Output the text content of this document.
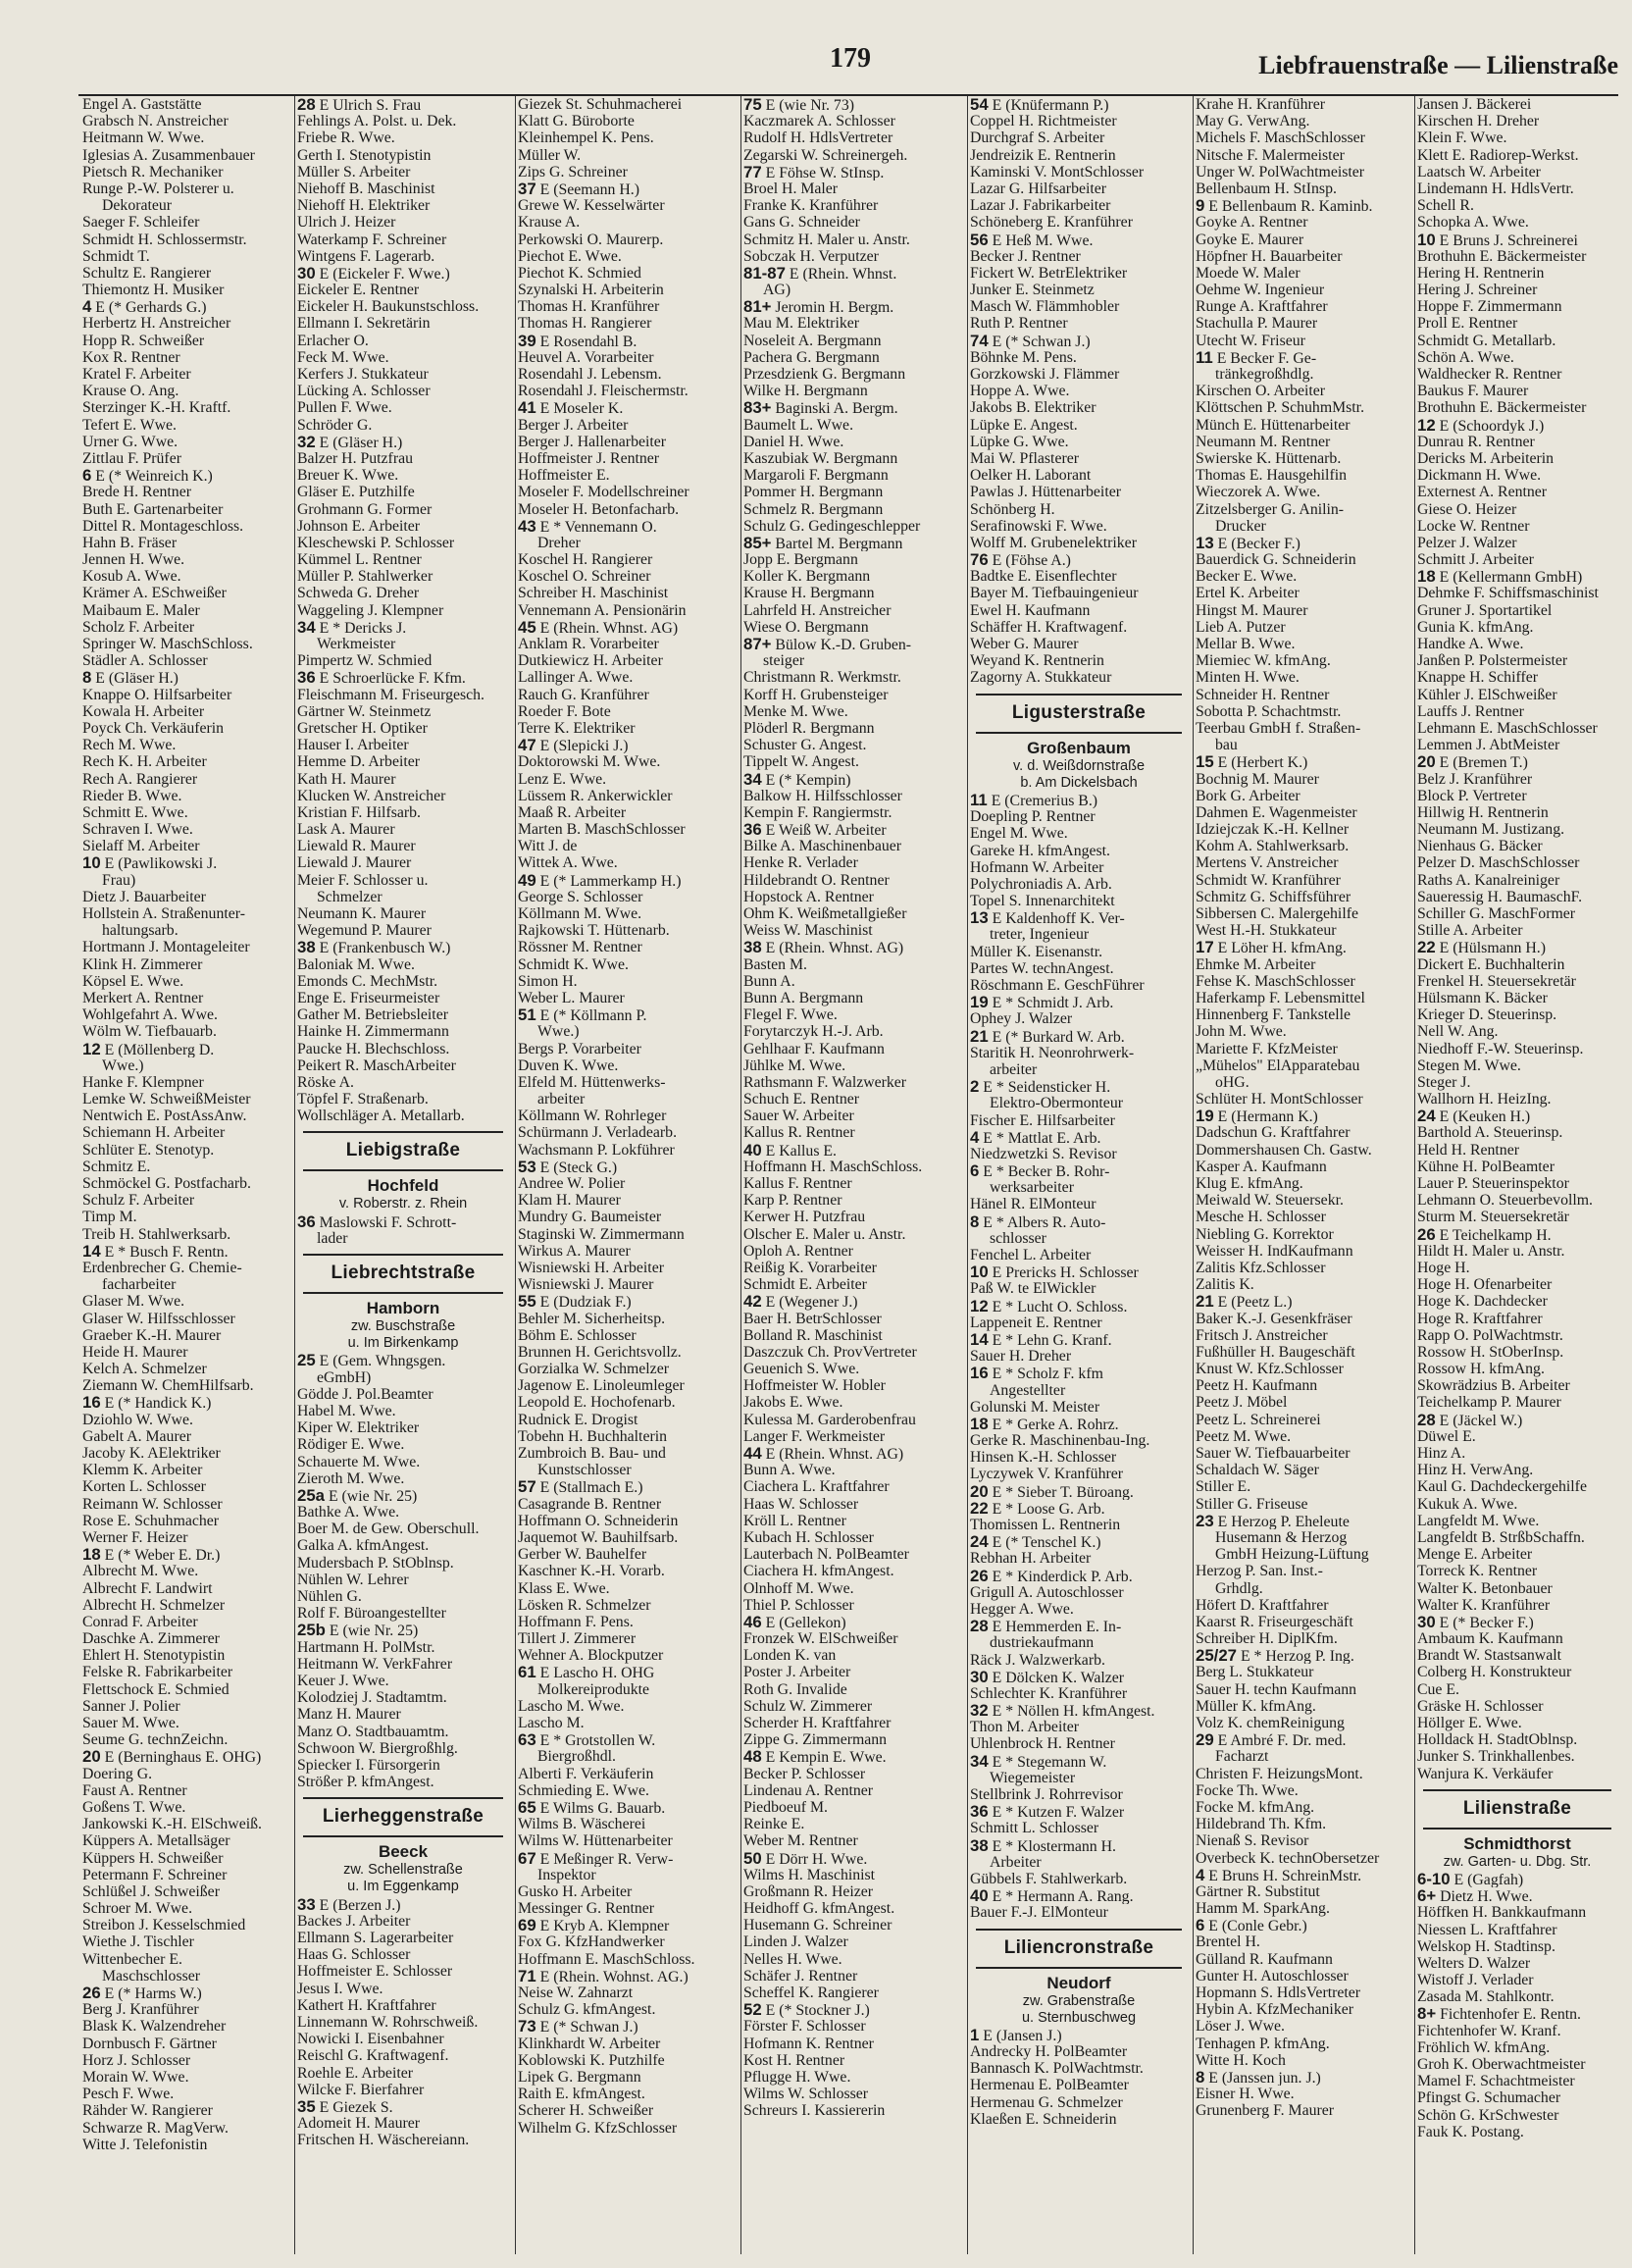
179	Liebfrauenstraße — Lilienstraße
Engel A. Gaststätte
Grabsch N. Anstreicher
Heitmann W. Wwe.
Iglesias A. Zusammenbauer
Pietsch R. Mechaniker
Runge P.-W. Polsterer u.
Dekorateur
Saeger F. Schleifer
Schmidt H. Schlossermstr.
Schmidt T.
Schultz E. Rangierer
Thiemontz H. Musiker
4 E (* Gerhards G.)
Herbertz H. Anstreicher
Hopp R. Schweißer
Kox R. Rentner
Kratel F. Arbeiter
Krause O. Ang.
Sterzinger K.-H. Kraftf.
Tefert E. Wwe.
Urner G. Wwe.
Zittlau F. Prüfer
6 E (* Weinreich K.)
Brede H. Rentner
Buth E. Gartenarbeiter
Dittel R. Montageschloss.
Hahn B. Fräser
Jennen H. Wwe.
Kosub A. Wwe.
Krämer A. ESchweißer
Maibaum E. Maler
Scholz F. Arbeiter
Springer W. MaschSchloss.
Städler A. Schlosser
8 E (Gläser H.)
Knappe O. Hilfsarbeiter
Kowala H. Arbeiter
Poyck Ch. Verkäuferin
Rech M. Wwe.
Rech K. H. Arbeiter
Rech A. Rangierer
Rieder B. Wwe.
Schmitt E. Wwe.
Schraven I. Wwe.
Sielaff M. Arbeiter
10 E (Pawlikowski J.
Frau)
Dietz J. Bauarbeiter
Hollstein A. Straßenunter-
haltungsarb.
Hortmann J. Montageleiter
Klink H. Zimmerer
Köpsel E. Wwe.
Merkert A. Rentner
Wohlgefahrt A. Wwe.
Wölm W. Tiefbauarb.
12 E (Möllenberg D.
Wwe.)
Hanke F. Klempner
Lemke W. SchweißMeister
Nentwich E. PostAssAnw.
Schiemann H. Arbeiter
Schlüter E. Stenotyp.
Schmitz E.
Schmöckel G. Postfacharb.
Schulz F. Arbeiter
Timp M.
Treib H. Stahlwerksarb.
14 E * Busch F. Rentn.
Erdenbrecher G. Chemie-
facharbeiter
Glaser M. Wwe.
Glaser W. Hilfsschlosser
Graeber K.-H. Maurer
Heide H. Maurer
Kelch A. Schmelzer
Ziemann W. ChemHilfsarb.
16 E (* Handick K.)
Dziohlo W. Wwe.
Gabelt A. Maurer
Jacoby K. AElektriker
Klemm K. Arbeiter
Korten L. Schlosser
Reimann W. Schlosser
Rose E. Schuhmacher
Werner F. Heizer
18 E (* Weber E. Dr.)
Albrecht M. Wwe.
Albrecht F. Landwirt
Albrecht H. Schmelzer
Conrad F. Arbeiter
Daschke A. Zimmerer
Ehlert H. Stenotypistin
Felske R. Fabrikarbeiter
Flettschock E. Schmied
Sanner J. Polier
Sauer M. Wwe.
Seume G. technZeichn.
20 E (Berninghaus E. OHG)
Doering G.
Faust A. Rentner
Goßens T. Wwe.
Jankowski K.-H. ElSchweiß.
Küppers A. Metallsäger
Küppers H. Schweißer
Petermann F. Schreiner
Schlüßel J. Schweißer
Schroer M. Wwe.
Streibon J. Kesselschmied
Wiethe J. Tischler
Wittenbecher E.
Maschschlosser
26 E (* Harms W.)
Berg J. Kranführer
Blask K. Walzendreher
Dornbusch F. Gärtner
Horz J. Schlosser
Morain W. Wwe.
Pesch F. Wwe.
Rähder W. Rangierer
Schwarze R. MagVerw.
Witte J. Telefonistin
28 E Ulrich S. Frau
Fehlings A. Polst. u. Dek.
Friebe R. Wwe.
Gerth I. Stenotypistin
Müller S. Arbeiter
Niehoff B. Maschinist
Niehoff H. Elektriker
Ulrich J. Heizer
Waterkamp F. Schreiner
Wintgens F. Lagerarb.
30 E (Eickeler F. Wwe.)
Eickeler E. Rentner
Eickeler H. Baukunstschloss.
Ellmann I. Sekretärin
Erlacher O.
Feck M. Wwe.
Kerfers J. Stukkateur
Lücking A. Schlosser
Pullen F. Wwe.
Schröder G.
32 E (Gläser H.)
Balzer H. Putzfrau
Breuer K. Wwe.
Gläser E. Putzhilfe
Grohmann G. Former
Johnson E. Arbeiter
Kleschewski P. Schlosser
Kümmel L. Rentner
Müller P. Stahlwerker
Schweda G. Dreher
Waggeling J. Klempner
34 E * Dericks J.
Werkmeister
Pimpertz W. Schmied
36 E Schroerlücke F. Kfm.
Fleischmann M. Friseurgesch.
Gärtner W. Steinmetz
Gretscher H. Optiker
Hauser I. Arbeiter
Hemme D. Arbeiter
Kath H. Maurer
Klucken W. Anstreicher
Kristian F. Hilfsarb.
Lask A. Maurer
Liewald R. Maurer
Liewald J. Maurer
Meier F. Schlosser u.
Schmelzer
Neumann K. Maurer
Wegemund P. Maurer
38 E (Frankenbusch W.)
Baloniak M. Wwe.
Emonds C. MechMstr.
Enge E. Friseurmeister
Gather M. Betriebsleiter
Hainke H. Zimmermann
Paucke H. Blechschloss.
Peikert R. MaschArbeiter
Röske A.
Töpfel F. Straßenarb.
Wollschläger A. Metallarb.
Liebigstraße
Hochfeld
v. Roberstr. z. Rhein
36 Maslowski F. Schrott-
lader
Liebrechtstraße
Hamborn
zw. Buschstraße
u. Im Birkenkamp
25 E (Gem. Whngsgen.
eGmbH)
Gödde J. Pol.Beamter
Habel M. Wwe.
Kiper W. Elektriker
Rödiger E. Wwe.
Schauerte M. Wwe.
Zieroth M. Wwe.
25a E (wie Nr. 25)
Bathke A. Wwe.
Boer M. de Gew. Oberschull.
Galka A. kfmAngest.
Mudersbach P. StOblnsp.
Nühlen W. Lehrer
Nühlen G.
Rolf F. Büroangestellter
25b E (wie Nr. 25)
Hartmann H. PolMstr.
Heitmann W. VerkFahrer
Keuer J. Wwe.
Kolodziej J. Stadtamtm.
Manz H. Maurer
Manz O. Stadtbauamtm.
Schwoon W. Biergroßhlg.
Spiecker I. Fürsorgerin
Strößer P. kfmAngest.
Lierheggenstraße
Beeck
zw. Schellenstraße
u. Im Eggenkamp
33 E (Berzen J.)
Backes J. Arbeiter
Ellmann S. Lagerarbeiter
Haas G. Schlosser
Hoffmeister E. Schlosser
Jesus I. Wwe.
Kathert H. Kraftfahrer
Linnemann W. Rohrschweiß.
Nowicki I. Eisenbahner
Reischl G. Kraftwagenf.
Roehle E. Arbeiter
Wilcke F. Bierfahrer
35 E Giezek S.
Adomeit H. Maurer
Fritschen H. Wäschereiann.
Giezek St. Schuhmacherei
Klatt G. Büroborte
Kleinhempel K. Pens.
Müller W.
Zips G. Schreiner
37 E (Seemann H.)
Grewe W. Kesselwärter
Krause A.
Perkowski O. Maurerp.
Piechot E. Wwe.
Piechot K. Schmied
Szynalski H. Arbeiterin
Thomas H. Kranführer
Thomas H. Rangierer
39 E Rosendahl B.
Heuvel A. Vorarbeiter
Rosendahl J. Lebensm.
Rosendahl J. Fleischermstr.
41 E Moseler K.
Berger J. Arbeiter
Berger J. Hallenarbeiter
Hoffmeister J. Rentner
Hoffmeister E.
Moseler F. Modellschreiner
Moseler H. Betonfacharb.
43 E * Vennemann O.
Dreher
Koschel H. Rangierer
Koschel O. Schreiner
Schreiber H. Maschinist
Vennemann A. Pensionärin
45 E (Rhein. Whnst. AG)
Anklam R. Vorarbeiter
Dutkiewicz H. Arbeiter
Lallinger A. Wwe.
Rauch G. Kranführer
Roeder F. Bote
Terre K. Elektriker
47 E (Slepicki J.)
Doktorowski M. Wwe.
Lenz E. Wwe.
Lüssem R. Ankerwickler
Maaß R. Arbeiter
Marten B. MaschSchlosser
Witt J. de
Wittek A. Wwe.
49 E (* Lammerkamp H.)
George S. Schlosser
Köllmann M. Wwe.
Rajkowski T. Hüttenarb.
Rössner M. Rentner
Schmidt K. Wwe.
Simon H.
Weber L. Maurer
51 E (* Köllmann P.
Wwe.)
Bergs P. Vorarbeiter
Duven K. Wwe.
Elfeld M. Hüttenwerks-
arbeiter
Köllmann W. Rohrleger
Schürmann J. Verladearb.
Wachsmann P. Lokführer
53 E (Steck G.)
Andree W. Polier
Klam H. Maurer
Mundry G. Baumeister
Staginski W. Zimmermann
Wirkus A. Maurer
Wisniewski H. Arbeiter
Wisniewski J. Maurer
55 E (Dudziak F.)
Behler M. Sicherheitsp.
Böhm E. Schlosser
Brunnen H. Gerichtsvollz.
Gorzialka W. Schmelzer
Jagenow E. Linoleumleger
Leopold E. Hochofenarb.
Rudnick E. Drogist
Tobehn H. Buchhalterin
Zumbroich B. Bau- und
Kunstschlosser
57 E (Stallmach E.)
Casagrande B. Rentner
Hoffmann O. Schneiderin
Jaquemot W. Bauhilfsarb.
Gerber W. Bauhelfer
Kaschner K.-H. Vorarb.
Klass E. Wwe.
Lösken R. Schmelzer
Hoffmann F. Pens.
Tillert J. Zimmerer
Wehner A. Blockputzer
61 E Lascho H. OHG
Molkereiprodukte
Lascho M. Wwe.
Lascho M.
63 E * Grotstollen W.
Biergroßhdl.
Alberti F. Verkäuferin
Schmieding E. Wwe.
65 E Wilms G. Bauarb.
Wilms B. Wäscherei
Wilms W. Hüttenarbeiter
67 E Meßinger R. Verw-
Inspektor
Gusko H. Arbeiter
Messinger G. Rentner
69 E Kryb A. Klempner
Fox G. KfzHandwerker
Hoffmann E. MaschSchloss.
71 E (Rhein. Wohnst. AG.)
Neise W. Zahnarzt
Schulz G. kfmAngest.
73 E (* Schwan J.)
Klinkhardt W. Arbeiter
Koblowski K. Putzhilfe
Lipek G. Bergmann
Raith E. kfmAngest.
Scherer H. Schweißer
Wilhelm G. KfzSchlosser
75 E (wie Nr. 73)
Kaczmarek A. Schlosser
Rudolf H. HdlsVertreter
Zegarski W. Schreinergeh.
77 E Föhse W. StInsp.
Broel H. Maler
Franke K. Kranführer
Gans G. Schneider
Schmitz H. Maler u. Anstr.
Sobczak H. Verputzer
81-87 E (Rhein. Whnst.
AG)
81+ Jeromin H. Bergm.
Mau M. Elektriker
Noseleit A. Bergmann
Pachera G. Bergmann
Przesdzienk G. Bergmann
Wilke H. Bergmann
83+ Baginski A. Bergm.
Baumelt L. Wwe.
Daniel H. Wwe.
Kaszubiak W. Bergmann
Margaroli F. Bergmann
Pommer H. Bergmann
Schmelz R. Bergmann
Schulz G. Gedingeschlepper
85+ Bartel M. Bergmann
Jopp E. Bergmann
Koller K. Bergmann
Krause H. Bergmann
Lahrfeld H. Anstreicher
Wiese O. Bergmann
87+ Bülow K.-D. Gruben-
steiger
Christmann R. Werkmstr.
Korff H. Grubensteiger
Menke M. Wwe.
Plöderl R. Bergmann
Schuster G. Angest.
Tippelt W. Angest.
34 E (* Kempin)
Balkow H. Hilfsschlosser
Kempin F. Rangiermstr.
36 E Weiß W. Arbeiter
Bilke A. Maschinenbauer
Henke R. Verlader
Hildebrandt O. Rentner
Hopstock A. Rentner
Ohm K. Weißmetallgießer
Weiss W. Maschinist
38 E (Rhein. Whnst. AG)
Basten M.
Bunn A.
Bunn A. Bergmann
Flegel F. Wwe.
Forytarczyk H.-J. Arb.
Gehlhaar F. Kaufmann
Jühlke M. Wwe.
Rathsmann F. Walzwerker
Schuch E. Rentner
Sauer W. Arbeiter
Kallus R. Rentner
40 E Kallus E.
Hoffmann H. MaschSchloss.
Kallus F. Rentner
Karp P. Rentner
Kerwer H. Putzfrau
Olscher E. Maler u. Anstr.
Oploh A. Rentner
Reißig K. Vorarbeiter
Schmidt E. Arbeiter
42 E (Wegener J.)
Baer H. BetrSchlosser
Bolland R. Maschinist
Daszczuk Ch. ProvVertreter
Geuenich S. Wwe.
Hoffmeister W. Hobler
Jakobs E. Wwe.
Kulessa M. Garderobenfrau
Langer F. Werkmeister
44 E (Rhein. Whnst. AG)
Bunn A. Wwe.
Ciachera L. Kraftfahrer
Haas W. Schlosser
Kröll L. Rentner
Kubach H. Schlosser
Lauterbach N. PolBeamter
Ciachera H. kfmAngest.
Olnhoff M. Wwe.
Thiel P. Schlosser
46 E (Gellekon)
Fronzek W. ElSchweißer
Londen K. van
Poster J. Arbeiter
Roth G. Invalide
Schulz W. Zimmerer
Scherder H. Kraftfahrer
Zippe G. Zimmermann
48 E Kempin E. Wwe.
Becker P. Schlosser
Lindenau A. Rentner
Piedboeuf M.
Reinke E.
Weber M. Rentner
50 E Dörr H. Wwe.
Wilms H. Maschinist
Großmann R. Heizer
Heidhoff G. kfmAngest.
Husemann G. Schreiner
Linden J. Walzer
Nelles H. Wwe.
Schäfer J. Rentner
Scheffel K. Rangierer
52 E (* Stockner J.)
Förster F. Schlosser
Hofmann K. Rentner
Kost H. Rentner
Pflugge H. Wwe.
Wilms W. Schlosser
Schreurs I. Kassiererin
54 E (Knüfermann P.)
Coppel H. Richtmeister
Durchgraf S. Arbeiter
Jendreizik E. Rentnerin
Kaminski V. MontSchlosser
Lazar G. Hilfsarbeiter
Lazar J. Fabrikarbeiter
Schöneberg E. Kranführer
56 E Heß M. Wwe.
Becker J. Rentner
Fickert W. BetrElektriker
Junker E. Steinmetz
Masch W. Flämmhobler
Ruth P. Rentner
74 E (* Schwan J.)
Böhnke M. Pens.
Gorzkowski J. Flämmer
Hoppe A. Wwe.
Jakobs B. Elektriker
Lüpke E. Angest.
Lüpke G. Wwe.
Mai W. Pflasterer
Oelker H. Laborant
Pawlas J. Hüttenarbeiter
Schönberg H.
Serafinowski F. Wwe.
Wolff M. Grubenelektriker
76 E (Föhse A.)
Badtke E. Eisenflechter
Bayer M. Tiefbauingenieur
Ewel H. Kaufmann
Schäffer H. Kraftwagenf.
Weber G. Maurer
Weyand K. Rentnerin
Zagorny A. Stukkateur
Ligusterstraße
Großenbaum
v. d. Weißdornstraße
b. Am Dickelsbach
11 E (Cremerius B.)
Doepling P. Rentner
Engel M. Wwe.
Gareke H. kfmAngest.
Hofmann W. Arbeiter
Polychroniadis A. Arb.
Topel S. Innenarchitekt
13 E Kaldenhoff K. Ver-
treter, Ingenieur
Müller K. Eisenanstr.
Partes W. technAngest.
Röschmann E. GeschFührer
19 E * Schmidt J. Arb.
Ophey J. Walzer
21 E (* Burkard W. Arb.
Staritik H. Neonrohrwerk-
arbeiter
2 E * Seidensticker H.
Elektro-Obermonteur
Fischer E. Hilfsarbeiter
4 E * Mattlat E. Arb.
Niedzwetzki S. Revisor
6 E * Becker B. Rohr-
werksarbeiter
Hänel R. ElMonteur
8 E * Albers R. Auto-
schlosser
Fenchel L. Arbeiter
10 E Prericks H. Schlosser
Paß W. te ElWickler
12 E * Lucht O. Schloss.
Lappeneit E. Rentner
14 E * Lehn G. Kranf.
Sauer H. Dreher
16 E * Scholz F. kfm
Angestellter
Golunski M. Meister
18 E * Gerke A. Rohrz.
Gerke R. Maschinenbau-Ing.
Hinsen K.-H. Schlosser
Lyczywek V. Kranführer
20 E * Sieber T. Büroang.
22 E * Loose G. Arb.
Thomissen L. Rentnerin
24 E (* Tenschel K.)
Rebhan H. Arbeiter
26 E * Kinderdick P. Arb.
Grigull A. Autoschlosser
Hegger A. Wwe.
28 E Hemmerden E. In-
dustriekaufmann
Räck J. Walzwerkarb.
30 E Dölcken K. Walzer
Schlechter K. Kranführer
32 E * Nöllen H. kfmAngest.
Thon M. Arbeiter
Uhlenbrock H. Rentner
34 E * Stegemann W.
Wiegemeister
Stellbrink J. Rohrrevisor
36 E * Kutzen F. Walzer
Schmitt L. Schlosser
38 E * Klostermann H.
Arbeiter
Gübbels F. Stahlwerkarb.
40 E * Hermann A. Rang.
Bauer F.-J. ElMonteur
Liliencronstraße
Neudorf
zw. Grabenstraße
u. Sternbuschweg
1 E (Jansen J.)
Andrecky H. PolBeamter
Bannasch K. PolWachtmstr.
Hermenau E. PolBeamter
Hermenau G. Schmelzer
Klaeßen E. Schneiderin
Krahe H. Kranführer
May G. VerwAng.
Michels F. MaschSchlosser
Nitsche F. Malermeister
Unger W. PolWachtmeister
Bellenbaum H. StInsp.
9 E Bellenbaum R. Kaminb.
Goyke A. Rentner
Goyke E. Maurer
Höpfner H. Bauarbeiter
Moede W. Maler
Oehme W. Ingenieur
Runge A. Kraftfahrer
Stachulla P. Maurer
Utecht W. Friseur
11 E Becker F. Ge-
tränkegroßhdlg.
Kirschen O. Arbeiter
Klöttschen P. SchuhmMstr.
Münch E. Hüttenarbeiter
Neumann M. Rentner
Swierske K. Hüttenarb.
Thomas E. Hausgehilfin
Wieczorek A. Wwe.
Zitzelsberger G. Anilin-
Drucker
13 E (Becker F.)
Bauerdick G. Schneiderin
Becker E. Wwe.
Ertel K. Arbeiter
Hingst M. Maurer
Lieb A. Putzer
Mellar B. Wwe.
Miemiec W. kfmAng.
Minten H. Wwe.
Schneider H. Rentner
Sobotta P. Schachtmstr.
Teerbau GmbH f. Straßen-
bau
15 E (Herbert K.)
Bochnig M. Maurer
Bork G. Arbeiter
Dahmen E. Wagenmeister
Idziejczak K.-H. Kellner
Kohm A. Stahlwerksarb.
Mertens V. Anstreicher
Schmidt W. Kranführer
Schmitz G. Schiffsführer
Sibbersen C. Malergehilfe
West H.-H. Stukkateur
17 E Löher H. kfmAng.
Ehmke M. Arbeiter
Fehse K. MaschSchlosser
Haferkamp F. Lebensmittel
Hinnenberg F. Tankstelle
John M. Wwe.
Mariette F. KfzMeister
„Mühelos" ElApparatebau
oHG.
Schlüter H. MontSchlosser
19 E (Hermann K.)
Dadschun G. Kraftfahrer
Dommershausen Ch. Gastw.
Kasper A. Kaufmann
Klug E. kfmAng.
Meiwald W. Steuersekr.
Mesche H. Schlosser
Niebling G. Korrektor
Weisser H. IndKaufmann
Zalitis Kfz.Schlosser
Zalitis K.
21 E (Peetz L.)
Baker K.-J. Gesenkfräser
Fritsch J. Anstreicher
Fußhüller H. Baugeschäft
Knust W. Kfz.Schlosser
Peetz H. Kaufmann
Peetz J. Möbel
Peetz L. Schreinerei
Peetz M. Wwe.
Sauer W. Tiefbauarbeiter
Schaldach W. Säger
Stiller E.
Stiller G. Friseuse
23 E Herzog P. Eheleute
Husemann & Herzog
GmbH Heizung-Lüftung
Herzog P. San. Inst.-
Grhdlg.
Höfert D. Kraftfahrer
Kaarst R. Friseurgeschäft
Schreiber H. DiplKfm.
25/27 E * Herzog P. Ing.
Berg L. Stukkateur
Sauer H. techn Kaufmann
Müller K. kfmAng.
Volz K. chemReinigung
29 E Ambré F. Dr. med.
Facharzt
Christen F. HeizungsMont.
Focke Th. Wwe.
Focke M. kfmAng.
Hildebrand Th. Kfm.
Nienaß S. Revisor
Overbeck K. technObersetzer
4 E Bruns H. SchreinMstr.
Gärtner R. Substitut
Hamm M. SparkAng.
6 E (Conle Gebr.)
Brentel H.
Gülland R. Kaufmann
Gunter H. Autoschlosser
Hopmann S. HdlsVertreter
Hybin A. KfzMechaniker
Löser J. Wwe.
Tenhagen P. kfmAng.
Witte H. Koch
8 E (Janssen jun. J.)
Eisner H. Wwe.
Grunenberg F. Maurer
Jansen J. Bäckerei
Kirschen H. Dreher
Klein F. Wwe.
Klett E. Radiorep-Werkst.
Laatsch W. Arbeiter
Lindemann H. HdlsVertr.
Schell R.
Schopka A. Wwe.
10 E Bruns J. Schreinerei
Brothuhn E. Bäckermeister
Hering H. Rentnerin
Hering J. Schreiner
Hoppe F. Zimmermann
Proll E. Rentner
Schmidt G. Metallarb.
Schön A. Wwe.
Waldhecker R. Rentner
Baukus F. Maurer
Brothuhn E. Bäckermeister
12 E (Schoordyk J.)
Dunrau R. Rentner
Dericks M. Arbeiterin
Dickmann H. Wwe.
Externest A. Rentner
Giese O. Heizer
Locke W. Rentner
Pelzer J. Walzer
Schmitt J. Arbeiter
18 E (Kellermann GmbH)
Dehmke F. Schiffsmaschinist
Gruner J. Sportartikel
Gunia K. kfmAng.
Handke A. Wwe.
Janßen P. Polstermeister
Knappe H. Schiffer
Kühler J. ElSchweißer
Lauffs J. Rentner
Lehmann E. MaschSchlosser
Lemmen J. AbtMeister
20 E (Bremen T.)
Belz J. Kranführer
Block P. Vertreter
Hillwig H. Rentnerin
Neumann M. Justizang.
Nienhaus G. Bäcker
Pelzer D. MaschSchlosser
Raths A. Kanalreiniger
Saueressig H. BaumaschF.
Schiller G. MaschFormer
Stille A. Arbeiter
22 E (Hülsmann H.)
Dickert E. Buchhalterin
Frenkel H. Steuersekretär
Hülsmann K. Bäcker
Krieger D. Steuerinsp.
Nell W. Ang.
Niedhoff F.-W. Steuerinsp.
Stegen M. Wwe.
Steger J.
Wallhorn H. HeizIng.
24 E (Keuken H.)
Barthold A. Steuerinsp.
Held H. Rentner
Kühne H. PolBeamter
Lauer P. Steuerinspektor
Lehmann O. Steuerbevollm.
Sturm M. Steuersekretär
26 E Teichelkamp H.
Hildt H. Maler u. Anstr.
Hoge H.
Hoge H. Ofenarbeiter
Hoge K. Dachdecker
Hoge R. Kraftfahrer
Rapp O. PolWachtmstr.
Rossow H. StOberInsp.
Rossow H. kfmAng.
Skowrädzius B. Arbeiter
Teichelkamp P. Maurer
28 E (Jäckel W.)
Düwel E.
Hinz A.
Hinz H. VerwAng.
Kaul G. Dachdeckergehilfe
Kukuk A. Wwe.
Langfeldt M. Wwe.
Langfeldt B. StrßbSchaffn.
Menge E. Arbeiter
Torreck K. Rentner
Walter K. Betonbauer
Walter K. Kranführer
30 E (* Becker F.)
Ambaum K. Kaufmann
Brandt W. Stastsanwalt
Colberg H. Konstrukteur
Cue E.
Gräske H. Schlosser
Höllger E. Wwe.
Holldack H. StadtOblnsp.
Junker S. Trinkhallenbes.
Wanjura K. Verkäufer
Lilienstraße
Schmidthorst
zw. Garten- u. Dbg. Str.
6-10 E (Gagfah)
6+ Dietz H. Wwe.
Höffken H. Bankkaufmann
Niessen L. Kraftfahrer
Welskop H. Stadtinsp.
Welters D. Walzer
Wistoff J. Verlader
Zasada M. Stahlkontr.
8+ Fichtenhofer E. Rentn.
Fichtenhofer W. Kranf.
Fröhlich W. kfmAng.
Groh K. Oberwachtmeister
Mamel F. Schachtmeister
Pfingst G. Schumacher
Schön G. KrSchwester
Fauk K. Postang.
